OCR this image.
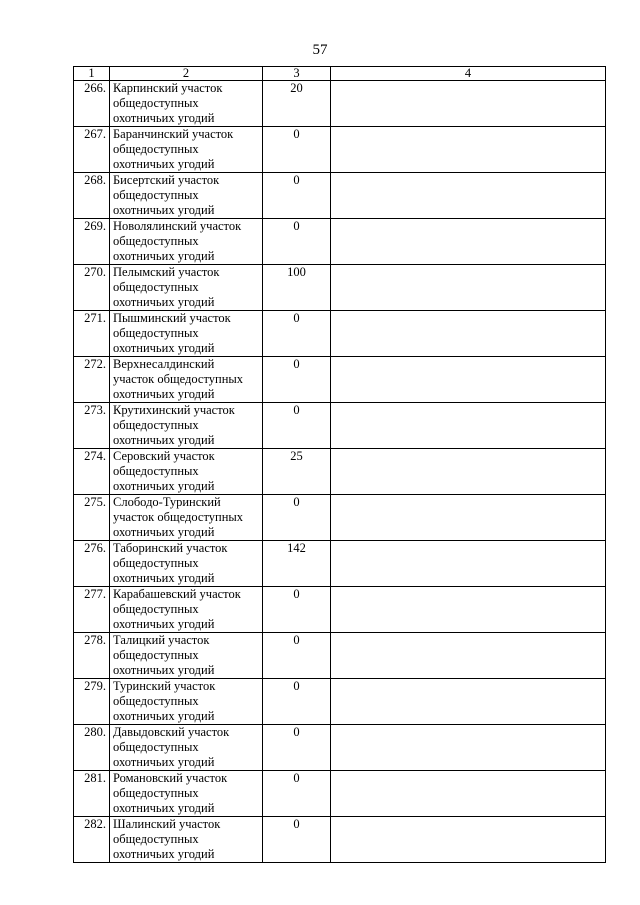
57
1	2	3	4
266.	Карпинский участок
общедоступных
охотничьих угодий	20	
267.	Баранчинский участок
общедоступных
охотничьих угодий	0	
268.	Бисертский участок
общедоступных
охотничьих угодий	0	
269.	Новолялинский участок
общедоступных
охотничьих угодий	0	
270.	Пелымский участок
общедоступных
охотничьих угодий	100	
271.	Пышминский участок
общедоступных
охотничьих угодий	0	
272.	Верхнесалдинский
участок общедоступных
охотничьих угодий	0	
273.	Крутихинский участок
общедоступных
охотничьих угодий	0	
274.	Серовский участок
общедоступных
охотничьих угодий	25	
275.	Слободо-Туринский
участок общедоступных
охотничьих угодий	0	
276.	Таборинский участок
общедоступных
охотничьих угодий	142	
277.	Карабашевский участок
общедоступных
охотничьих угодий	0	
278.	Талицкий участок
общедоступных
охотничьих угодий	0	
279.	Туринский участок
общедоступных
охотничьих угодий	0	
280.	Давыдовский участок
общедоступных
охотничьих угодий	0	
281.	Романовский участок
общедоступных
охотничьих угодий	0	
282.	Шалинский участок
общедоступных
охотничьих угодий	0	
